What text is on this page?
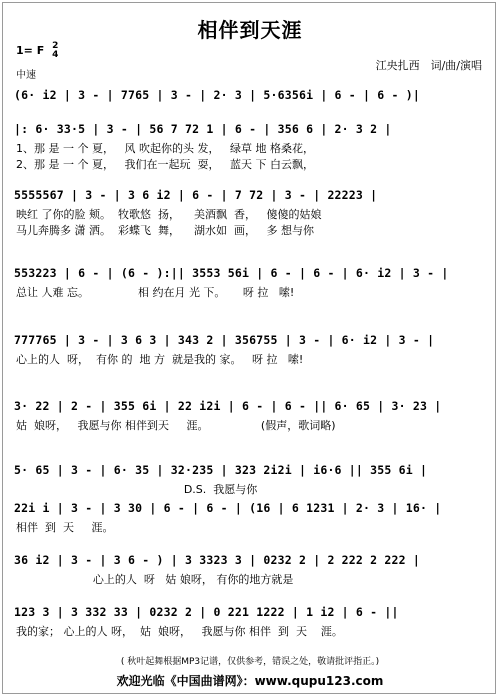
相伴到天涯
1= F 2
4
中速
江央扎西　词/曲/演唱
(6· i2 | 3 - | 7765 | 3 - | 2· 3 | 5·6356i | 6 - | 6 - )|
|: 6· 33·5 | 3 - | 56 7 72 1 | 6 - | 356 6 | 2· 3 2 |
1、那 是 一 个 夏，   风 吹起你的头 发，   绿草 地 格桑花，
2、那 是 一 个 夏，   我们在一起玩  耍，   蓝天 下 白云飘，
5555567 | 3 - | 3 6 i2 | 6 - | 7 72 | 3 - | 22223 |
映红 了你的脸 颊。  牧歌悠  扬，    美酒飘  香，   傻傻的姑娘
马儿奔腾多 潇 洒。  彩蝶飞  舞，    湖水如  画，   多 想与你
553223 | 6 - | (6 - ):|| 3553 56i | 6 - | 6 - | 6· i2 | 3 - |
总让 人难 忘。              相 约在月 光 下。     呀 拉   嗦!
777765 | 3 - | 3 6 3 | 343 2 | 356755 | 3 - | 6· i2 | 3 - |
心上的人  呀，  有你 的  地 方  就是我的 家。   呀 拉   嗦!
3· 22 | 2 - | 355 6i | 22 i2i | 6 - | 6 - || 6· 65 | 3· 23 |
姑  娘呀，   我愿与你 相伴到天     涯。               (假声，歌词略)
5· 65 | 3 - | 6· 35 | 32·235 | 323 2i2i | i6·6 || 355 6i |
D.S.  我愿与你
22i i | 3 - | 3 30 | 6 - | 6 - | (16 | 6 1231 | 2· 3 | 16· |
相伴  到  天     涯。
36 i2 | 3 - | 3 6 - ) | 3 3323 3 | 0232 2 | 2 222 2 222 |
心上的人  呀   姑 娘呀， 有你的地方就是
123 3 | 3 332 33 | 0232 2 | 0 221 1222 | 1 i2 | 6 - ||
我的家； 心上的人 呀，  姑  娘呀，   我愿与你 相伴  到  天    涯。
( 秋叶起舞根据MP3记谱，仅供参考，错误之处，敬请批评指正。)
欢迎光临《中国曲谱网》：www.qupu123.com
